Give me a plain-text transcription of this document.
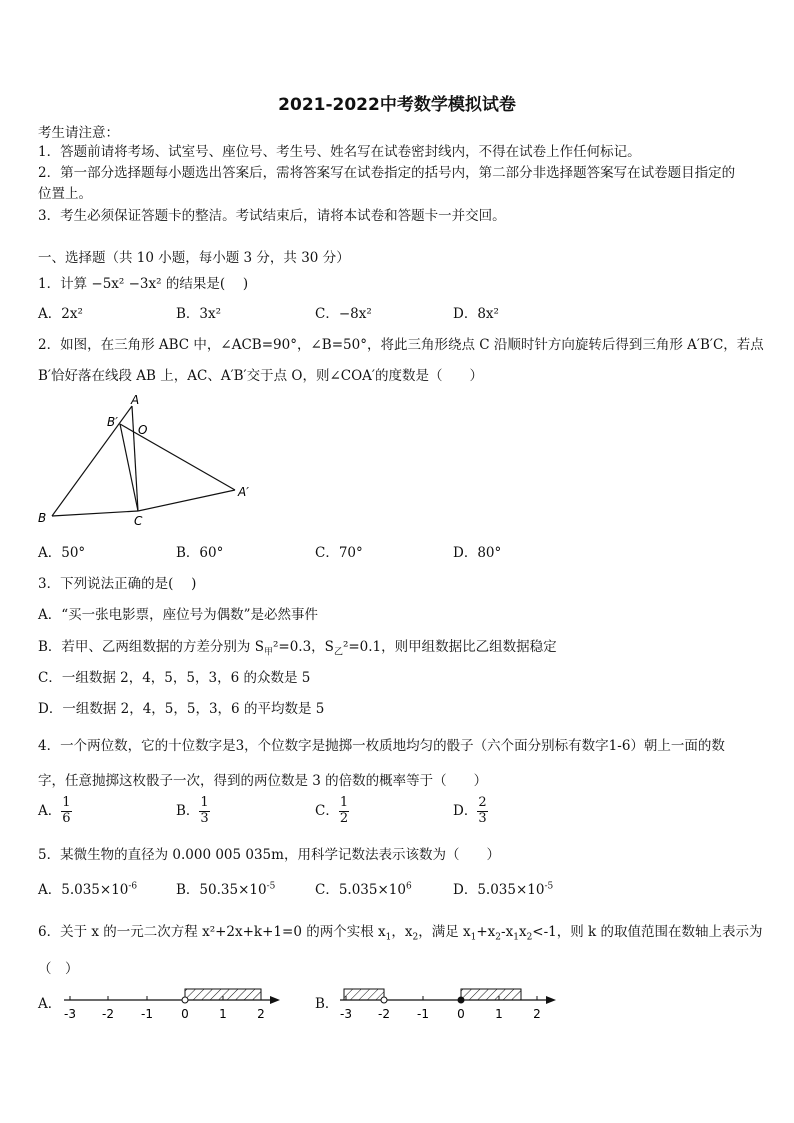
2021-2022中考数学模拟试卷
考生请注意：
1．答题前请将考场、试室号、座位号、考生号、姓名写在试卷密封线内，不得在试卷上作任何标记。
2．第一部分选择题每小题选出答案后，需将答案写在试卷指定的括号内，第二部分非选择题答案写在试卷题目指定的
位置上。
3．考生必须保证答题卡的整洁。考试结束后，请将本试卷和答题卡一并交回。
一、选择题（共 10 小题，每小题 3 分，共 30 分）
1．计算 −5x² −3x² 的结果是(　 )
A．2x²	B．3x²	C．−8x²	D．8x²
2．如图，在三角形 ABC 中，∠ACB=90°，∠B=50°，将此三角形绕点 C 沿顺时针方向旋转后得到三角形 A′B′C，若点
B′恰好落在线段 AB 上，AC、A′B′交于点 O，则∠COA′的度数是（　　）
A
B	C
O
B′
A′
A．50°	B．60°	C．70°	D．80°
3．下列说法正确的是(　 )
A．“买一张电影票，座位号为偶数”是必然事件
B．若甲、乙两组数据的方差分别为 $S_甲^2=0.3$，$S_乙^2=0.1$，则甲组数据比乙组数据稳定
C．一组数据 2，4，5，5，3，6 的众数是 5
D．一组数据 2，4，5，5，3，6 的平均数是 5
4．一个两位数，它的十位数字是3，个位数字是抛掷一枚质地均匀的骰子（六个面分别标有数字1-6）朝上一面的数
字，任意抛掷这枚骰子一次，得到的两位数是 3 的倍数的概率等于（　　）
A． $\frac{1}{6}$	B． $\frac{1}{3}$	C． $\frac{1}{2}$	D． $\frac{2}{3}$
5．某微生物的直径为 0.000 005 035m，用科学记数法表示该数为（　　）
A．$5.035\times 10^{-6}$	B．$50.35\times 10^{-5}$	C．$5.035\times 10^6$	D．$5.035\times 10^{-5}$
6．关于 x 的一元二次方程 x²+2x+k+1=0 的两个实根 $x_1$，$x_2$，满足 $x_1+x_2-x_1x_2<-1$，则 k 的取值范围在数轴上表示为
（　）
A．	B．
-3 -2 -1 0	1	2	-3 -2 -1 0	1	2
